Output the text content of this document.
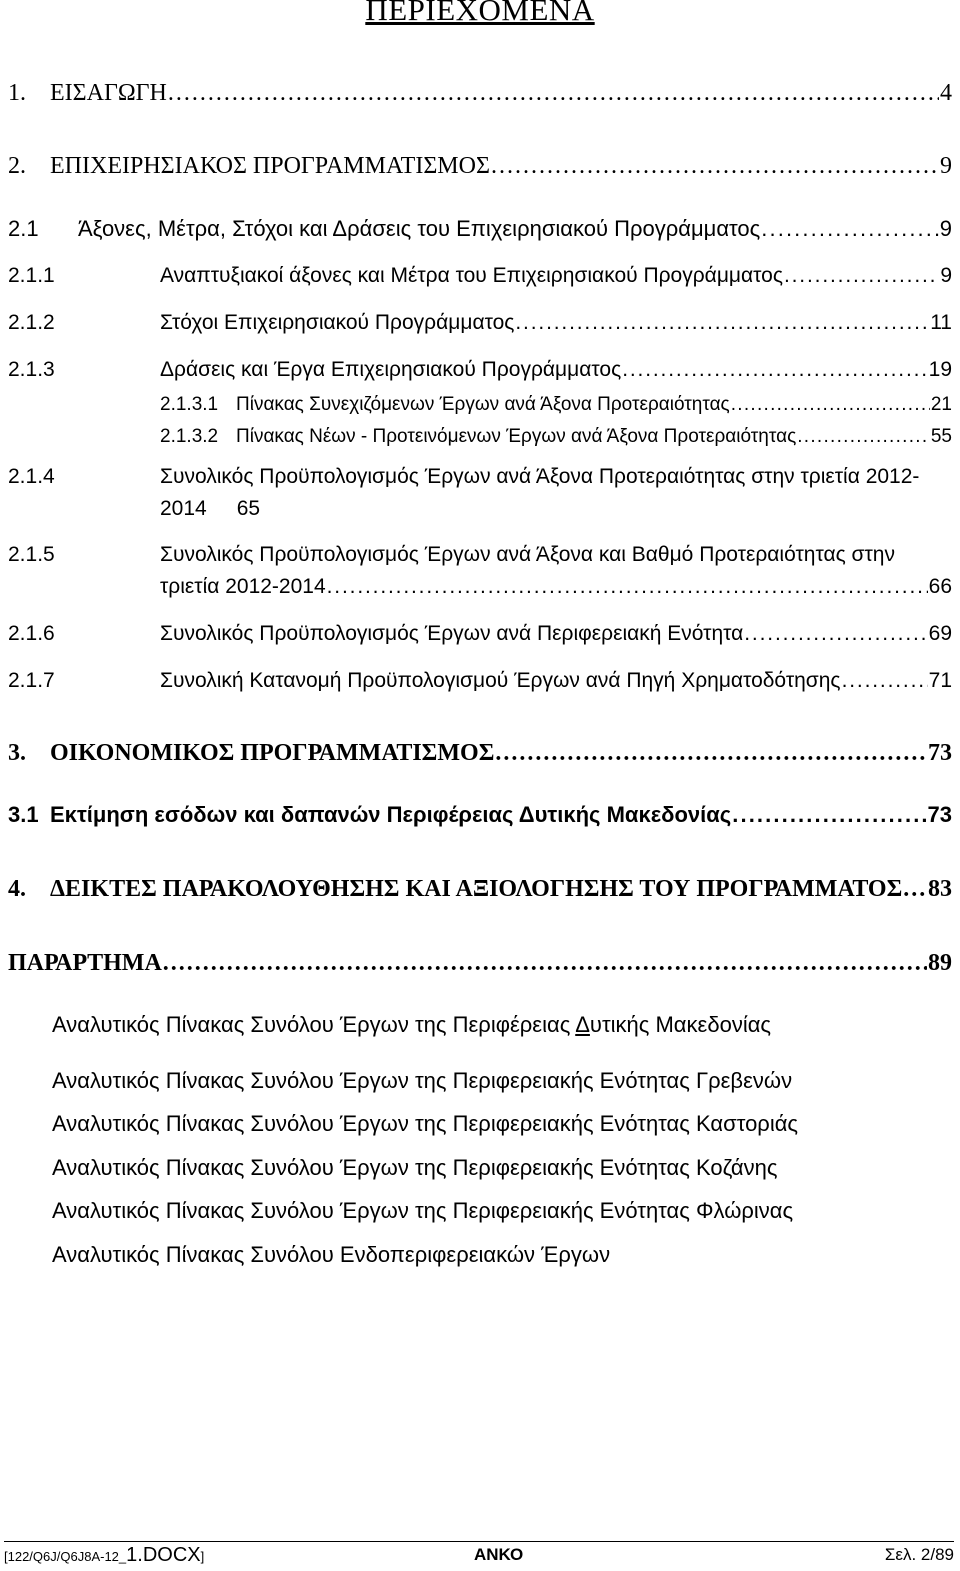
ΠΕΡΙΕΧΟΜΕΝΑ
1.	ΕΙΣΑΓΩΓΗ . . .	4
2.	ΕΠΙΧΕΙΡΗΣΙΑΚΟΣ ΠΡΟΓΡΑΜΜΑΤΙΣΜΟΣ . . .	9
2.1	Άξονες, Μέτρα, Στόχοι και Δράσεις του Επιχειρησιακού Προγράμματος . . .	9
2.1.1	Αναπτυξιακοί άξονες και Μέτρα του Επιχειρησιακού Προγράμματος . . .	9
2.1.2	Στόχοι Επιχειρησιακού Προγράμματος . . .	11
2.1.3	Δράσεις και Έργα Επιχειρησιακού Προγράμματος . . .	19
2.1.3.1 Πίνακας Συνεχιζόμενων Έργων ανά Άξονα Προτεραιότητας . . .	21
2.1.3.2 Πίνακας Νέων - Προτεινόμενων Έργων ανά Άξονα Προτεραιότητας . . .	55
2.1.4	Συνολικός Προϋπολογισμός Έργων ανά Άξονα Προτεραιότητας στην τριετία 2012-
2014 65
2.1.5	Συνολικός Προϋπολογισμός Έργων ανά Άξονα και Βαθμό Προτεραιότητας στην
τριετία 2012-2014 . . .	66
2.1.6	Συνολικός Προϋπολογισμός Έργων ανά Περιφερειακή Ενότητα . . .	69
2.1.7	Συνολική Κατανομή Προϋπολογισμού Έργων ανά Πηγή Χρηματοδότησης . . .	71
3.	ΟΙΚΟΝΟΜΙΚΟΣ ΠΡΟΓΡΑΜΜΑΤΙΣΜΟΣ . . .	73
3.1 Εκτίμηση εσόδων και δαπανών Περιφέρειας Δυτικής Μακεδονίας . . .	73
4.	ΔΕΙΚΤΕΣ ΠΑΡΑΚΟΛΟΥΘΗΣΗΣ ΚΑΙ ΑΞΙΟΛΟΓΗΣΗΣ ΤΟΥ ΠΡΟΓΡΑΜΜΑΤΟΣ . . . 83
ΠΑΡΑΡΤΗΜΑ . . .	89
Αναλυτικός Πίνακας Συνόλου Έργων της Περιφέρειας Δυτικής Μακεδονίας
Αναλυτικός Πίνακας Συνόλου Έργων της Περιφερειακής Ενότητας Γρεβενών
Αναλυτικός Πίνακας Συνόλου Έργων της Περιφερειακής Ενότητας Καστοριάς
Αναλυτικός Πίνακας Συνόλου Έργων της Περιφερειακής Ενότητας Κοζάνης
Αναλυτικός Πίνακας Συνόλου Έργων της Περιφερειακής Ενότητας Φλώρινας
Αναλυτικός Πίνακας Συνόλου Ενδοπεριφερειακών Έργων
[122/Q6J/Q6J8A-12_ 1.DOCX ]	ΑΝΚΟ	Σελ. 2/89
